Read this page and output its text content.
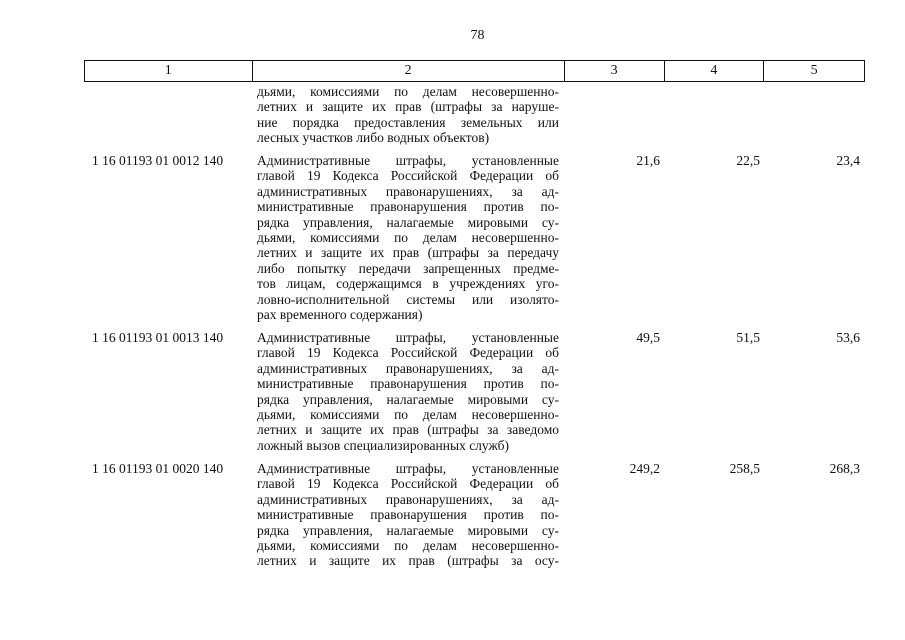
78
1	2	3	4	5
дьями, комиссиями по делам несовершенно-
летних и защите их прав (штрафы за наруше-
ние порядка предоставления земельных или
лесных участков либо водных объектов)
1 16 01193 01 0012 140	Административные штрафы, установленные
главой 19 Кодекса Российской Федерации об
административных правонарушениях, за ад-
министративные правонарушения против по-
рядка управления, налагаемые мировыми су-
дьями, комиссиями по делам несовершенно-
летних и защите их прав (штрафы за передачу
либо попытку передачи запрещенных предме-
тов лицам, содержащимся в учреждениях уго-
ловно-исполнительной системы или изолято-
рах временного содержания)
21,6	22,5	23,4
1 16 01193 01 0013 140	Административные штрафы, установленные
главой 19 Кодекса Российской Федерации об
административных правонарушениях, за ад-
министративные правонарушения против по-
рядка управления, налагаемые мировыми су-
дьями, комиссиями по делам несовершенно-
летних и защите их прав (штрафы за заведомо
ложный вызов специализированных служб)
49,5	51,5	53,6
1 16 01193 01 0020 140	Административные штрафы, установленные
главой 19 Кодекса Российской Федерации об
административных правонарушениях, за ад-
министративные правонарушения против по-
рядка управления, налагаемые мировыми су-
дьями, комиссиями по делам несовершенно-
летних и защите их прав (штрафы за осу-
249,2	258,5	268,3
